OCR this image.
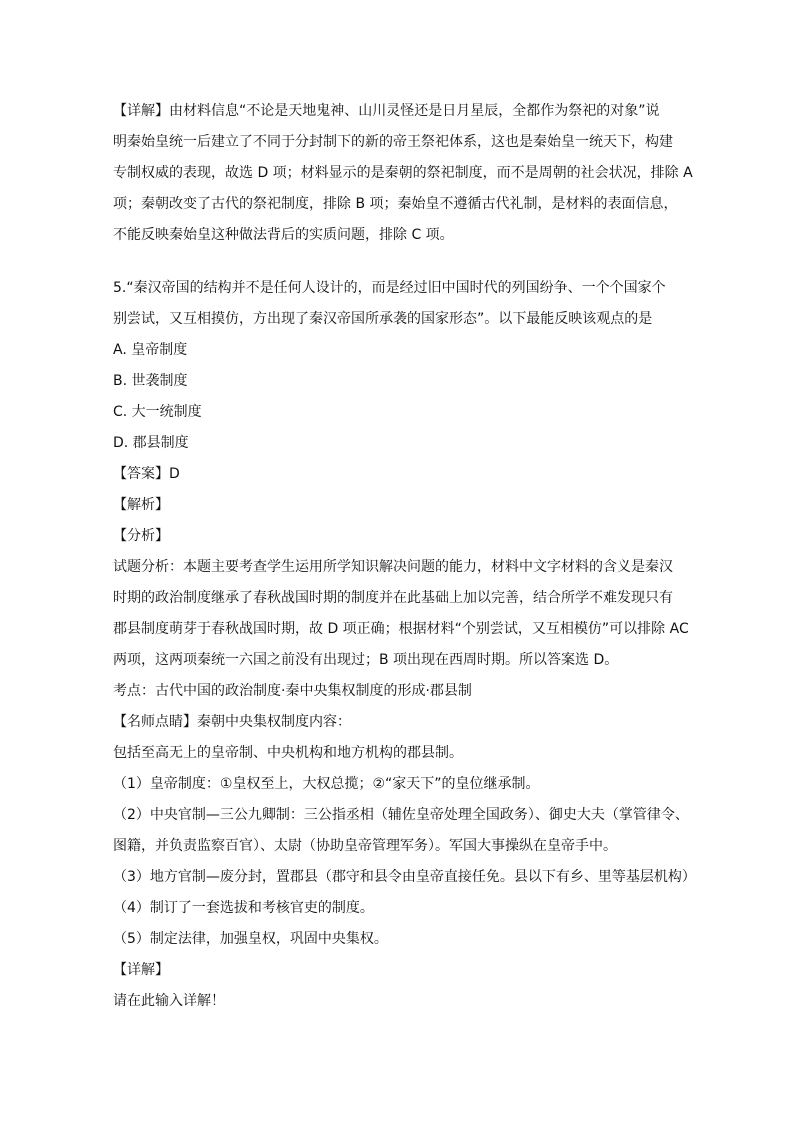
【详解】由材料信息“不论是天地鬼神、山川灵怪还是日月星辰，全都作为祭祀的对象”说
明秦始皇统一后建立了不同于分封制下的新的帝王祭祀体系，这也是秦始皇一统天下，构建
专制权威的表现，故选 D 项；材料显示的是秦朝的祭祀制度，而不是周朝的社会状况，排除 A
项；秦朝改变了古代的祭祀制度，排除 B 项；秦始皇不遵循古代礼制，是材料的表面信息，
不能反映秦始皇这种做法背后的实质问题，排除 C 项。
5.“秦汉帝国的结构并不是任何人设计的，而是经过旧中国时代的列国纷争、一个个国家个
别尝试，又互相摸仿，方出现了秦汉帝国所承袭的国家形态”。以下最能反映该观点的是
A. 皇帝制度
B. 世袭制度
C. 大一统制度
D. 郡县制度
【答案】D
【解析】
【分析】
试题分析：本题主要考查学生运用所学知识解决问题的能力，材料中文字材料的含义是秦汉
时期的政治制度继承了春秋战国时期的制度并在此基础上加以完善，结合所学不难发现只有
郡县制度萌芽于春秋战国时期，故 D 项正确；根据材料“个别尝试，又互相模仿”可以排除 AC
两项，这两项秦统一六国之前没有出现过；B 项出现在西周时期。所以答案选 D。
考点：古代中国的政治制度·秦中央集权制度的形成·郡县制
【名师点睛】秦朝中央集权制度内容：
包括至高无上的皇帝制、中央机构和地方机构的郡县制。
（1）皇帝制度：①皇权至上，大权总揽；②“家天下”的皇位继承制。
（2）中央官制—三公九卿制：三公指丞相（辅佐皇帝处理全国政务）、御史大夫（掌管律令、
图籍，并负责监察百官）、太尉（协助皇帝管理军务）。军国大事操纵在皇帝手中。
（3）地方官制—废分封，置郡县（郡守和县令由皇帝直接任免。县以下有乡、里等基层机构）
（4）制订了一套选拔和考核官吏的制度。
（5）制定法律，加强皇权，巩固中央集权。
【详解】
请在此输入详解！
